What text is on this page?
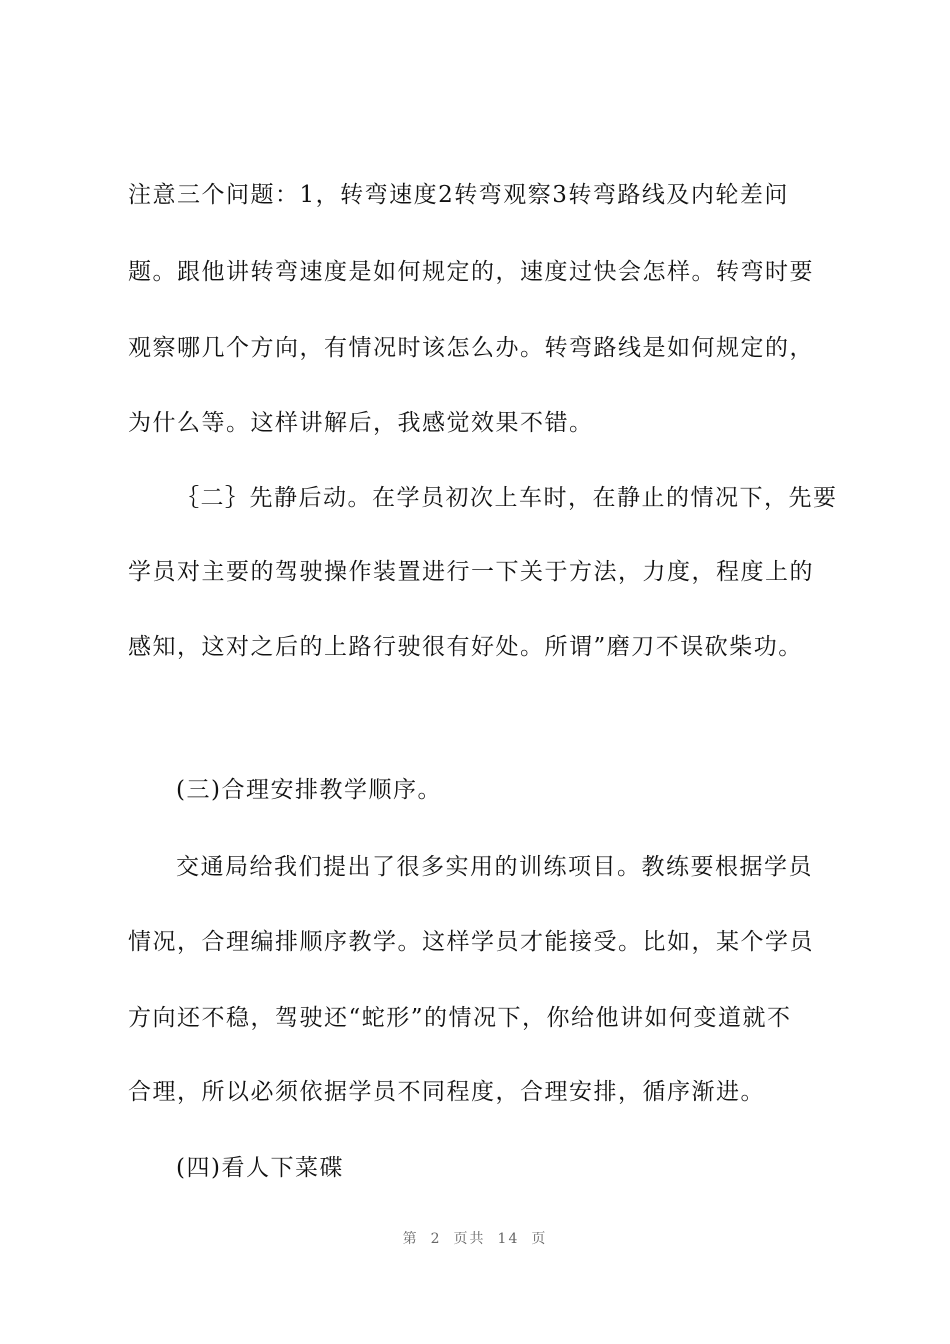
注意三个问题：1，转弯速度2转弯观察3转弯路线及内轮差问
题。跟他讲转弯速度是如何规定的，速度过快会怎样。转弯时要
观察哪几个方向，有情况时该怎么办。转弯路线是如何规定的，
为什么等。这样讲解后，我感觉效果不错。
｛二｝先静后动。在学员初次上车时，在静止的情况下，先要
学员对主要的驾驶操作装置进行一下关于方法，力度，程度上的
感知，这对之后的上路行驶很有好处。所谓”磨刀不误砍柴功。
(三)合理安排教学顺序。
交通局给我们提出了很多实用的训练项目。教练要根据学员
情况，合理编排顺序教学。这样学员才能接受。比如，某个学员
方向还不稳，驾驶还“蛇形”的情况下，你给他讲如何变道就不
合理，所以必须依据学员不同程度，合理安排，循序渐进。
(四)看人下菜碟
第 2 页共 14 页
